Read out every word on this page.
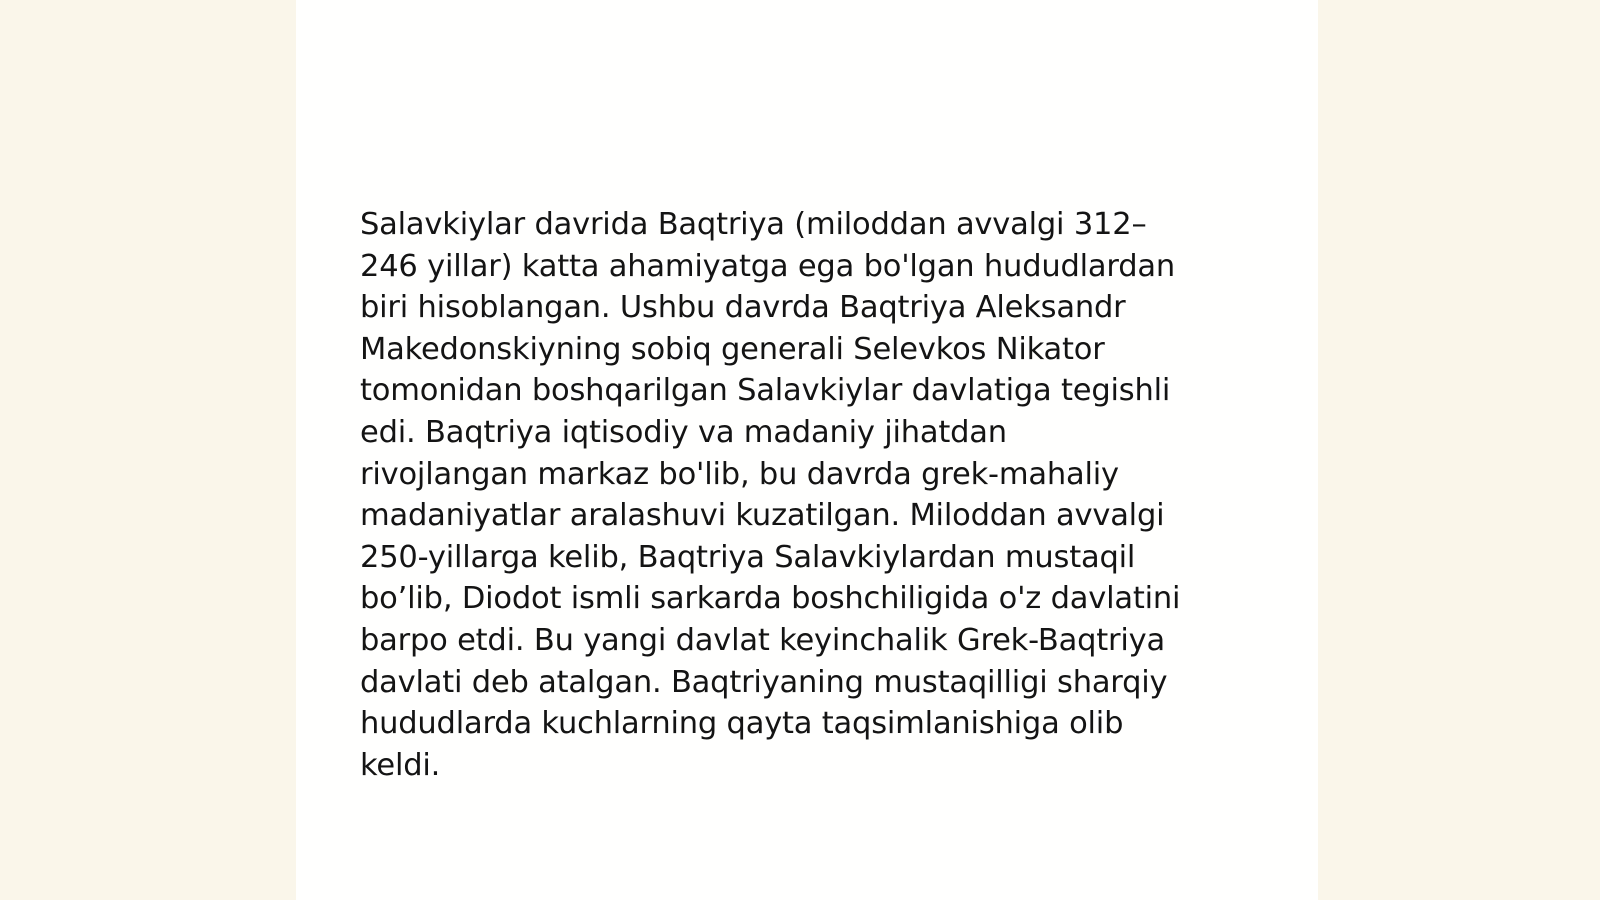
Salavkiylar davrida Baqtriya (miloddan avvalgi 312–
246 yillar) katta ahamiyatga ega bo'lgan hududlardan
biri hisoblangan. Ushbu davrda Baqtriya Aleksandr
Makedonskiyning sobiq generali Selevkos Nikator
tomonidan boshqarilgan Salavkiylar davlatiga tegishli
edi. Baqtriya iqtisodiy va madaniy jihatdan
rivojlangan markaz bo'lib, bu davrda grek-mahaliy
madaniyatlar aralashuvi kuzatilgan. Miloddan avvalgi
250-yillarga kelib, Baqtriya Salavkiylardan mustaqil
bo’lib, Diodot ismli sarkarda boshchiligida o'z davlatini
barpo etdi. Bu yangi davlat keyinchalik Grek-Baqtriya
davlati deb atalgan. Baqtriyaning mustaqilligi sharqiy
hududlarda kuchlarning qayta taqsimlanishiga olib
keldi.
